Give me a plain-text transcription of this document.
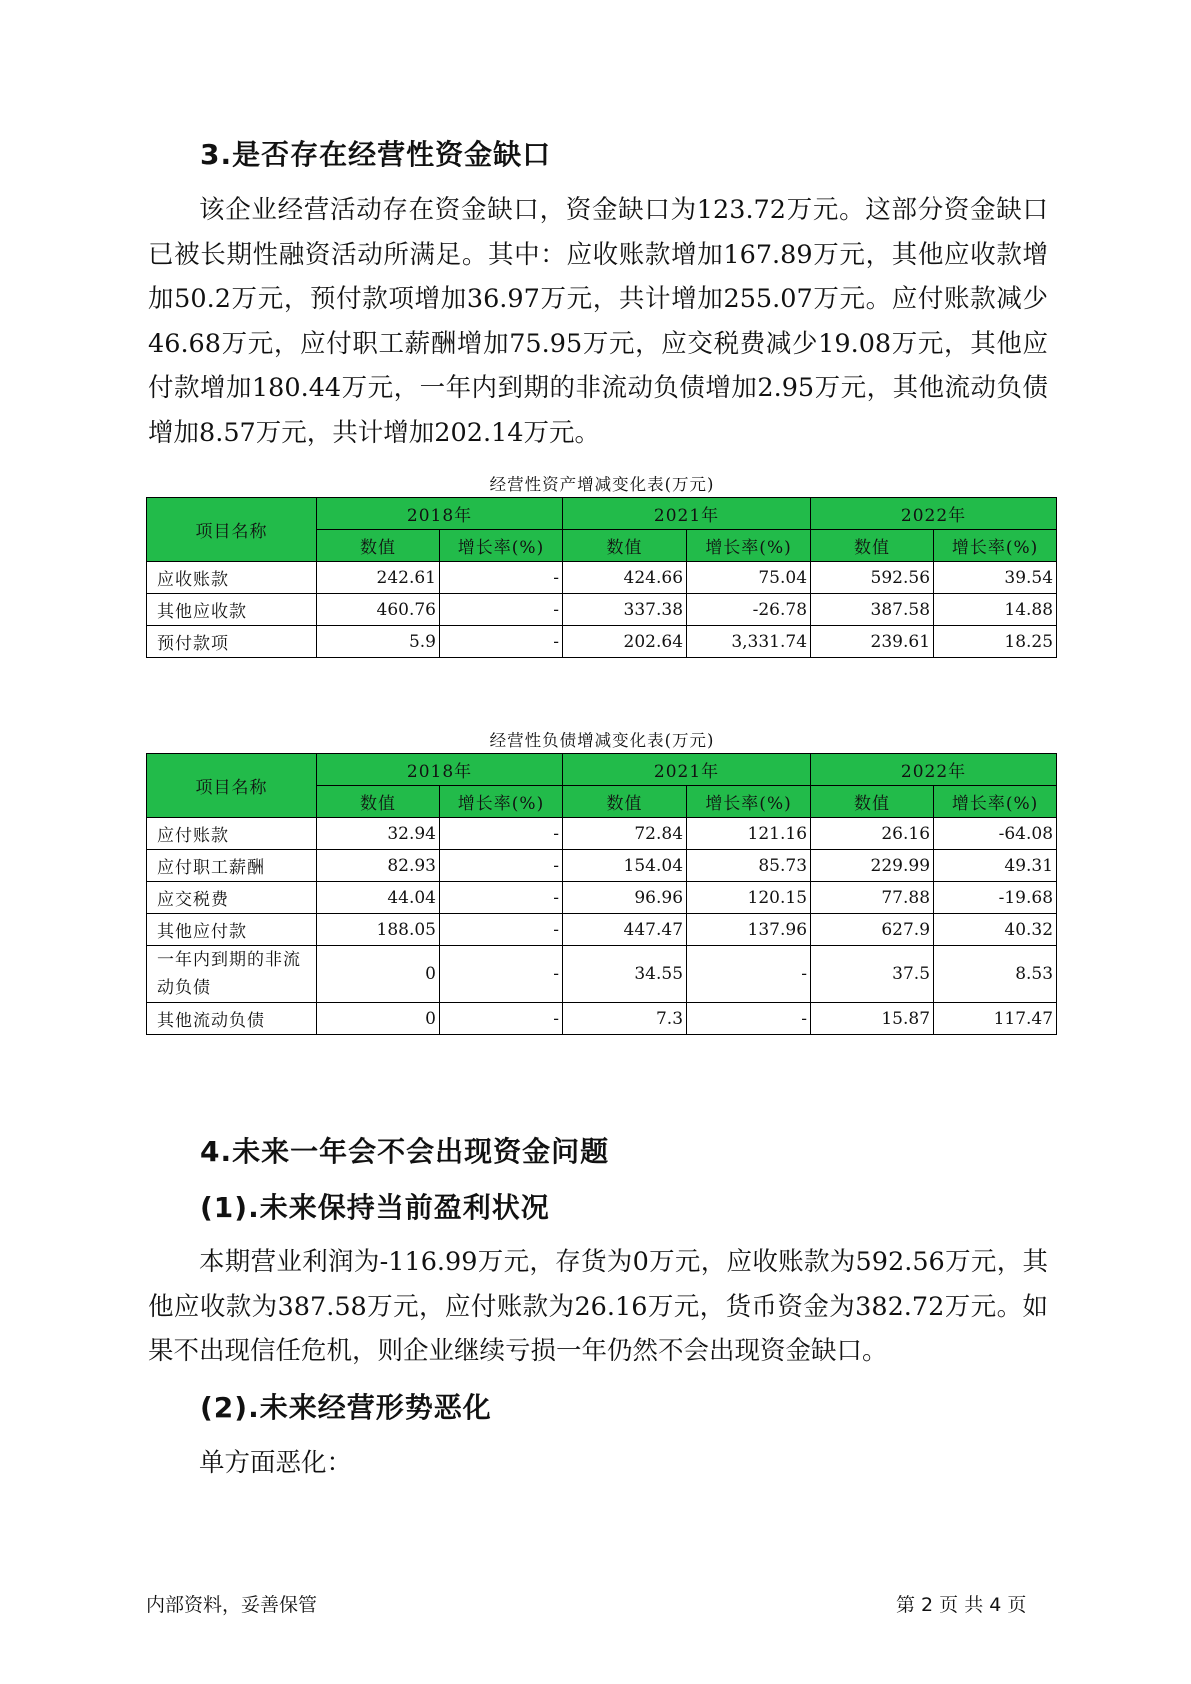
3.是否存在经营性资金缺口

该企业经营活动存在资金缺口，资金缺口为123.72万元。这部分资金缺口已被长期性融资活动所满足。其中：应收账款增加167.89万元，其他应收款增加50.2万元，预付款项增加36.97万元，共计增加255.07万元。应付账款减少46.68万元，应付职工薪酬增加75.95万元，应交税费减少19.08万元，其他应付款增加180.44万元，一年内到期的非流动负债增加2.95万元，其他流动负债增加8.57万元，共计增加202.14万元。

经营性资产增减变化表(万元)
项目名称	2018年		2021年		2022年	
	数值	增长率(%)	数值	增长率(%)	数值	增长率(%)
应收账款	242.61	-	424.66	75.04	592.56	39.54
其他应收款	460.76	-	337.38	-26.78	387.58	14.88
预付款项	5.9	-	202.64	3,331.74	239.61	18.25
经营性负债增减变化表(万元)
项目名称	2018年		2021年		2022年	
	数值	增长率(%)	数值	增长率(%)	数值	增长率(%)
应付账款	32.94	-	72.84	121.16	26.16	-64.08
应付职工薪酬	82.93	-	154.04	85.73	229.99	49.31
应交税费	44.04	-	96.96	120.15	77.88	-19.68
其他应付款	188.05	-	447.47	137.96	627.9	40.32
一年内到期的非流动负债	0	-	34.55	-	37.5	8.53
其他流动负债	0	-	7.3	-	15.87	117.47
4.未来一年会不会出现资金问题
(1).未来保持当前盈利状况

本期营业利润为-116.99万元，存货为0万元，应收账款为592.56万元，其他应收款为387.58万元，应付账款为26.16万元，货币资金为382.72万元。如果不出现信任危机，则企业继续亏损一年仍然不会出现资金缺口。

(2).未来经营形势恶化

单方面恶化：

内部资料，妥善保管	第 2 页 共 4 页
